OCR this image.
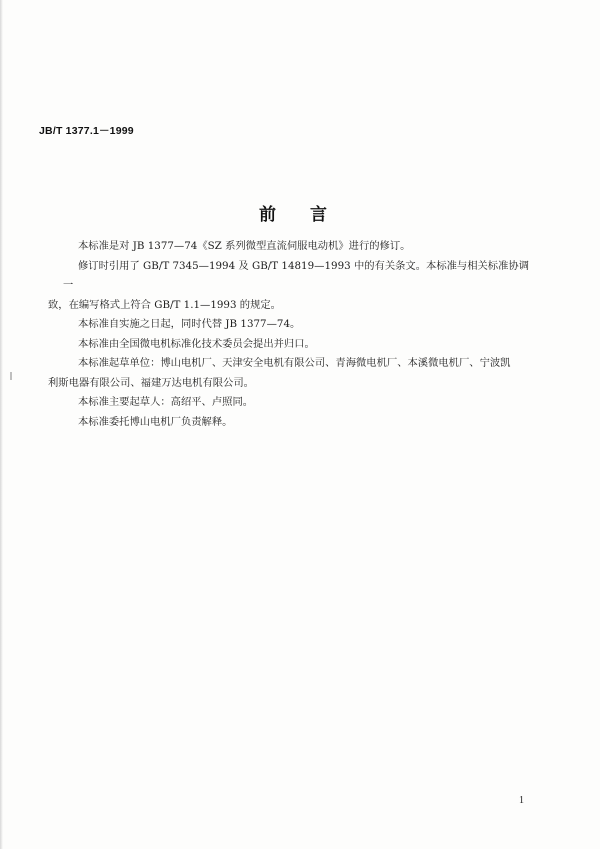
JB/T 1377.1－1999
前 言

本标准是对 JB 1377—74《SZ 系列微型直流伺服电动机》进行的修订。

修订时引用了 GB/T 7345—1994 及 GB/T 14819—1993 中的有关条文。本标准与相关标准协调一
致，在编写格式上符合 GB/T 1.1—1993 的规定。

本标准自实施之日起，同时代替 JB 1377—74。

本标准由全国微电机标准化技术委员会提出并归口。

本标准起草单位：博山电机厂、天津安全电机有限公司、青海微电机厂、本溪微电机厂、宁波凯
利斯电器有限公司、福建万达电机有限公司。

本标准主要起草人：高绍平、卢照同。

本标准委托博山电机厂负责解释。

1
